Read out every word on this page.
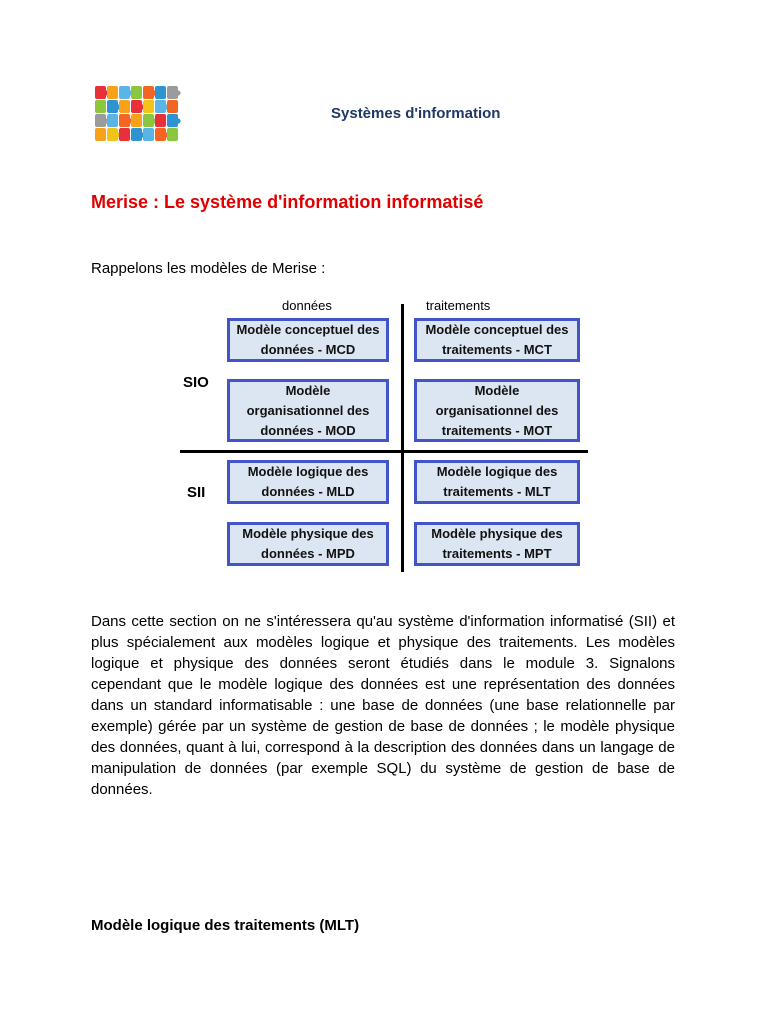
Systèmes d'information
Merise : Le système d'information informatisé
Rappelons les modèles de Merise :
données	traitements
SIO
SII
Modèle conceptuel des
données - MCD
Modèle conceptuel des
traitements - MCT
Modèle
organisationnel des
données - MOD
Modèle
organisationnel des
traitements - MOT
Modèle logique des
données - MLD
Modèle logique des
traitements - MLT
Modèle physique des
données - MPD
Modèle physique des
traitements - MPT
Dans cette section on ne s'intéressera qu'au système d'information informatisé (SII) et plus spécialement aux modèles logique et physique des traitements. Les modèles logique et physique des données seront étudiés dans le module 3. Signalons cependant que le modèle logique des données est une représentation des données dans un standard informatisable : une base de données (une base relationnelle par exemple) gérée par un système de gestion de base de données ; le modèle physique des données, quant à lui, correspond à la description des données dans un langage de manipulation de données (par exemple SQL) du système de gestion de base de données.
Modèle logique des traitements (MLT)
